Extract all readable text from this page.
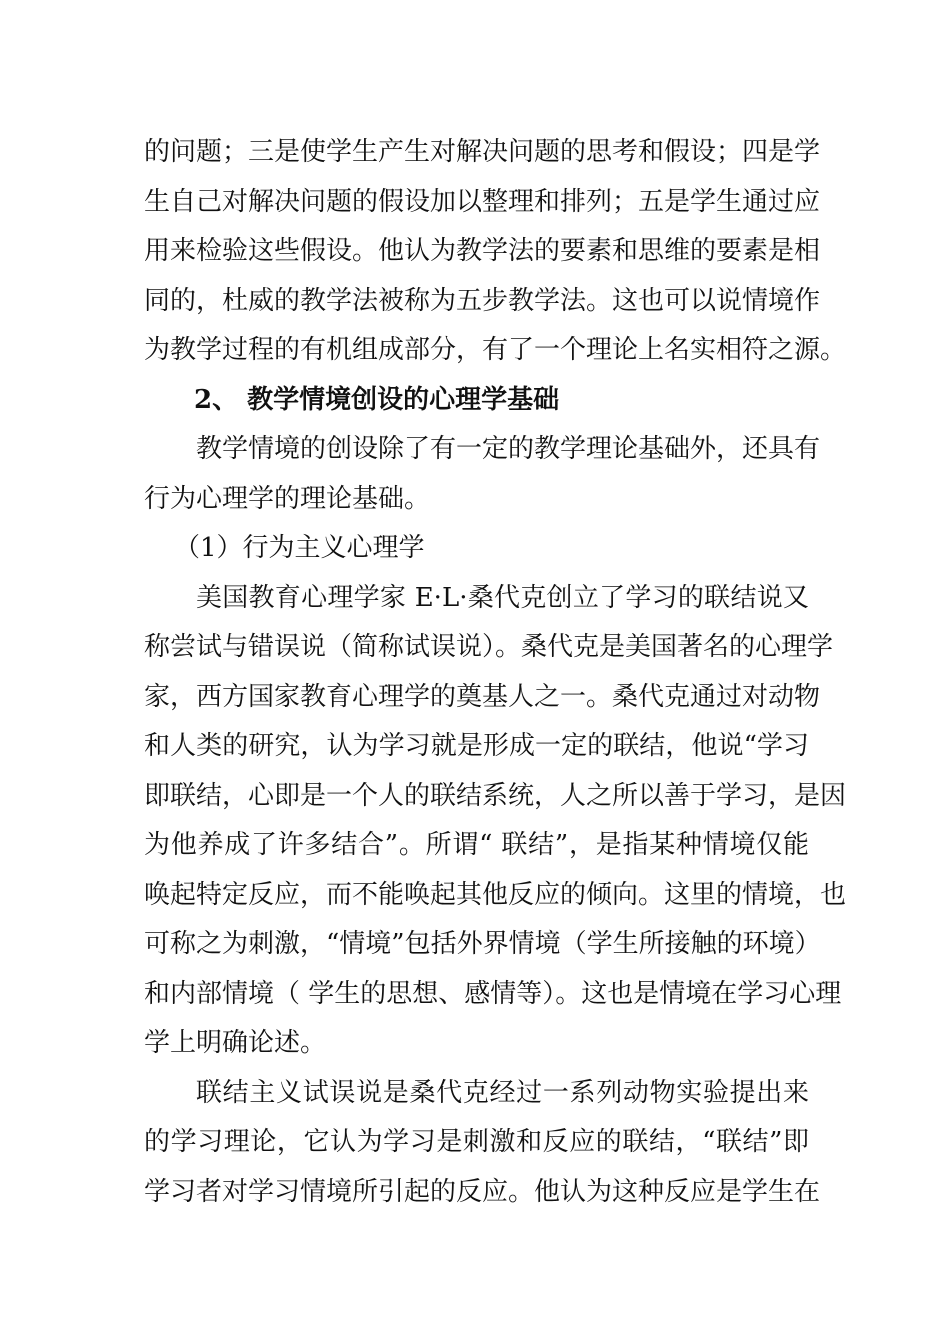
的问题；三是使学生产生对解决问题的思考和假设；四是学
生自己对解决问题的假设加以整理和排列；五是学生通过应
用来检验这些假设。他认为教学法的要素和思维的要素是相
同的，杜威的教学法被称为五步教学法。这也可以说情境作
为教学过程的有机组成部分，有了一个理论上名实相符之源。
2、 教学情境创设的心理学基础
教学情境的创设除了有一定的教学理论基础外，还具有
行为心理学的理论基础。
（1）行为主义心理学
美国教育心理学家 E·L·桑代克创立了学习的联结说又
称尝试与错误说（简称试误说）。桑代克是美国著名的心理学
家，西方国家教育心理学的奠基人之一。桑代克通过对动物
和人类的研究，认为学习就是形成一定的联结，他说“学习
即联结，心即是一个人的联结系统，人之所以善于学习，是因
为他养成了许多结合”。所谓“ 联结”，是指某种情境仅能
唤起特定反应，而不能唤起其他反应的倾向。这里的情境，也
可称之为刺激，“情境”包括外界情境（学生所接触的环境）
和内部情境（ 学生的思想、感情等）。这也是情境在学习心理
学上明确论述。
联结主义试误说是桑代克经过一系列动物实验提出来
的学习理论，它认为学习是刺激和反应的联结，“联结”即
学习者对学习情境所引起的反应。他认为这种反应是学生在
